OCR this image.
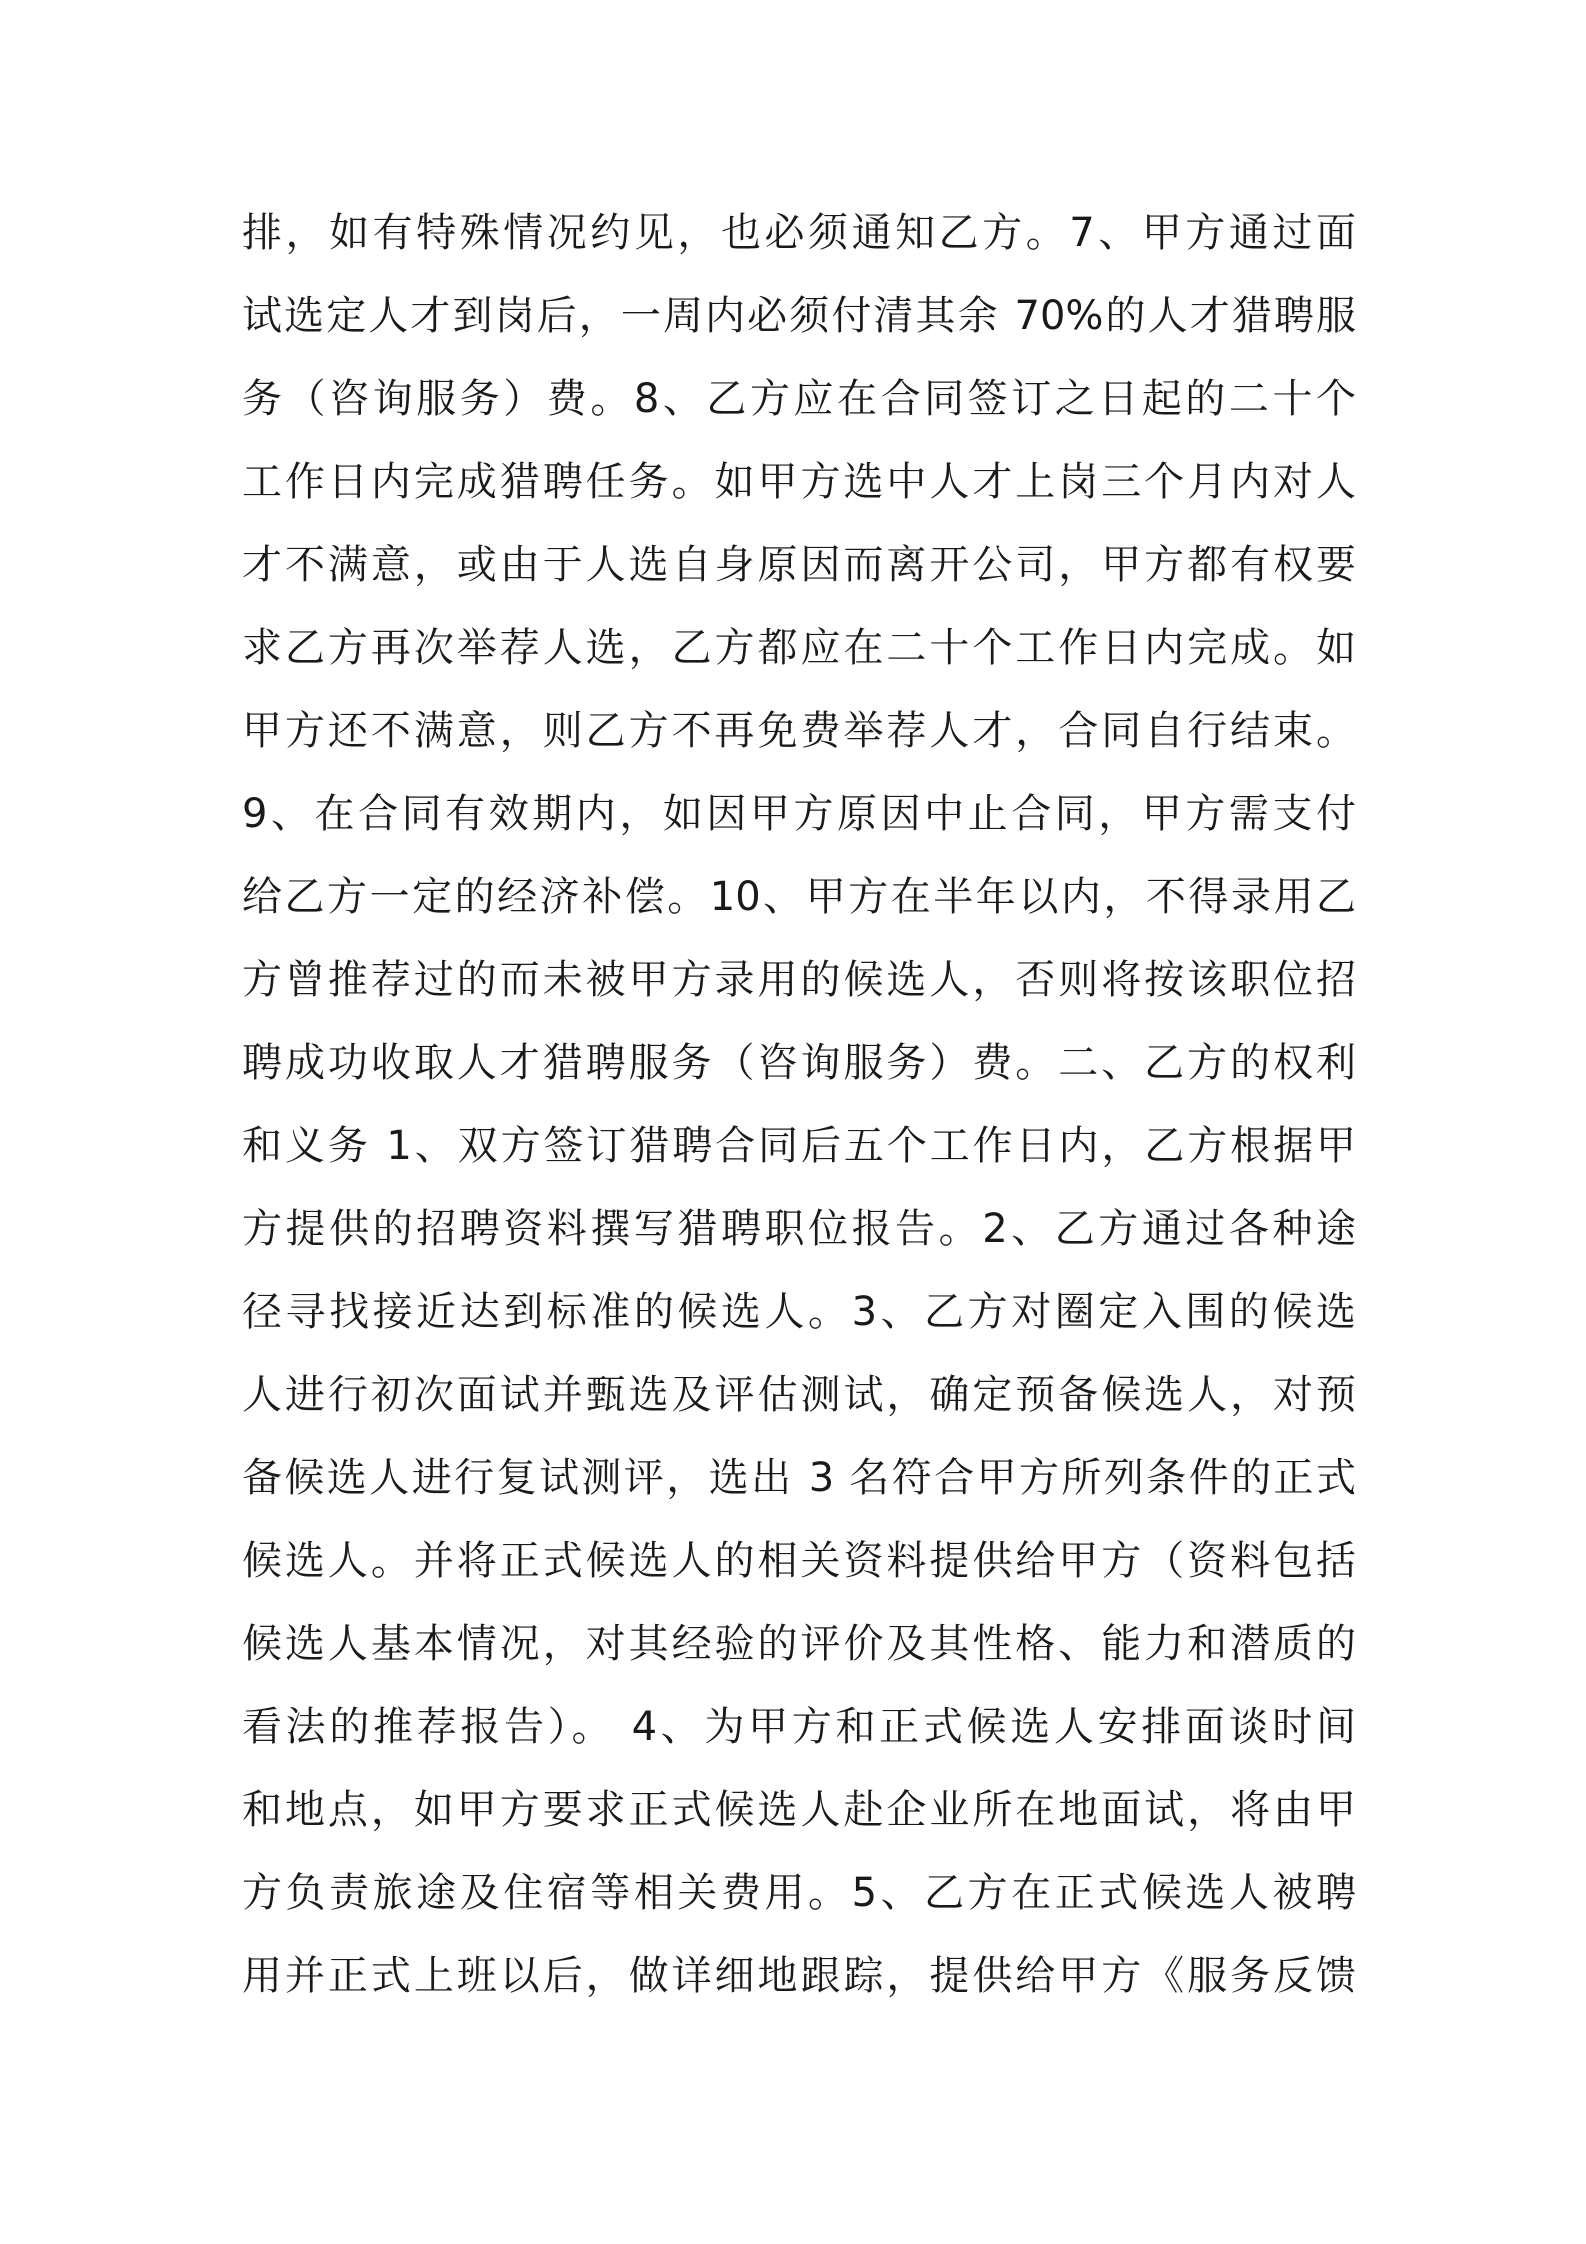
排，如有特殊情况约见，也必须通知乙方。7、甲方通过面
试选定人才到岗后，一周内必须付清其余 70%的人才猎聘服
务（咨询服务）费。8、乙方应在合同签订之日起的二十个
工作日内完成猎聘任务。如甲方选中人才上岗三个月内对人
才不满意，或由于人选自身原因而离开公司，甲方都有权要
求乙方再次举荐人选，乙方都应在二十个工作日内完成。如
甲方还不满意，则乙方不再免费举荐人才，合同自行结束。
9、在合同有效期内，如因甲方原因中止合同，甲方需支付
给乙方一定的经济补偿。10、甲方在半年以内，不得录用乙
方曾推荐过的而未被甲方录用的候选人，否则将按该职位招
聘成功收取人才猎聘服务（咨询服务）费。二、乙方的权利
和义务 1、双方签订猎聘合同后五个工作日内，乙方根据甲
方提供的招聘资料撰写猎聘职位报告。2、乙方通过各种途
径寻找接近达到标准的候选人。3、乙方对圈定入围的候选
人进行初次面试并甄选及评估测试，确定预备候选人，对预
备候选人进行复试测评，选出 3 名符合甲方所列条件的正式
候选人。并将正式候选人的相关资料提供给甲方（资料包括
候选人基本情况，对其经验的评价及其性格、能力和潜质的
看法的推荐报告）。 4、为甲方和正式候选人安排面谈时间
和地点，如甲方要求正式候选人赴企业所在地面试，将由甲
方负责旅途及住宿等相关费用。5、乙方在正式候选人被聘
用并正式上班以后，做详细地跟踪，提供给甲方《服务反馈
